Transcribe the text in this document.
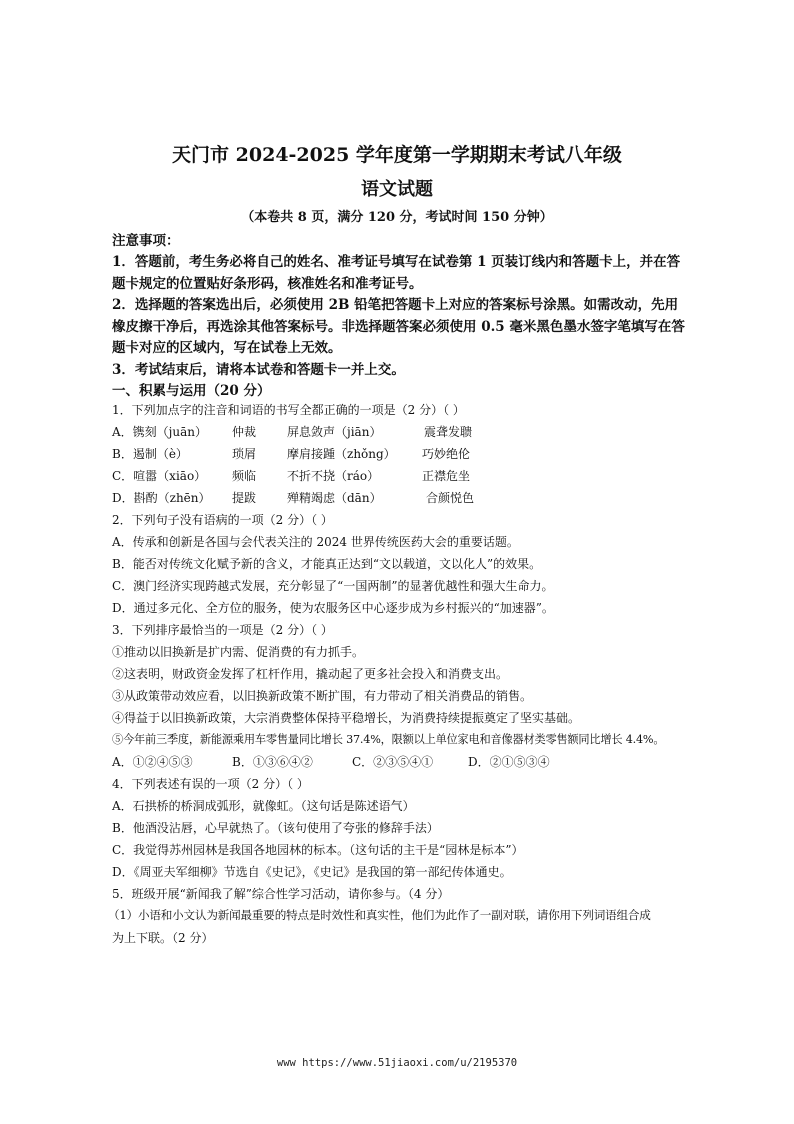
天门市 2024-2025 学年度第一学期期末考试八年级
语文试题
（本卷共 8 页，满分 120 分，考试时间 150 分钟）
注意事项：
1．答题前，考生务必将自己的姓名、准考证号填写在试卷第 1 页装订线内和答题卡上，并在答
题卡规定的位置贴好条形码，核准姓名和准考证号。
2．选择题的答案选出后，必须使用 2B 铅笔把答题卡上对应的答案标号涂黑。如需改动，先用
橡皮擦干净后，再选涂其他答案标号。非选择题答案必须使用 0.5 毫米黑色墨水签字笔填写在答
题卡对应的区域内，写在试卷上无效。
3．考试结束后，请将本试卷和答题卡一并上交。
一、积累与运用（20 分）
1．下列加点字的注音和词语的书写全都正确的一项是（2 分）（ ）
A．镌刻（juān） 仲裁	屏息敛声（jiān）	震聋发聩
B．遏制（è）	琐屑	摩肩接踵（zhǒng） 巧妙绝伦
C．喧嚣（xiāo） 频临	不折不挠（ráo）	正襟危坐
D．斟酌（zhēn） 提跋	殚精竭虑（dān）	合颜悦色
2．下列句子没有语病的一项（2 分）（ ）
A．传承和创新是各国与会代表关注的 2024 世界传统医药大会的重要话题。
B．能否对传统文化赋予新的含义，才能真正达到“文以载道，文以化人”的效果。
C．澳门经济实现跨越式发展，充分彰显了“一国两制”的显著优越性和强大生命力。
D．通过多元化、全方位的服务，使为农服务区中心逐步成为乡村振兴的“加速器”。
3．下列排序最恰当的一项是（2 分）（ ）
①推动以旧换新是扩内需、促消费的有力抓手。
②这表明，财政资金发挥了杠杆作用，撬动起了更多社会投入和消费支出。
③从政策带动效应看，以旧换新政策不断扩围，有力带动了相关消费品的销售。
④得益于以旧换新政策，大宗消费整体保持平稳增长，为消费持续提振奠定了坚实基础。
⑤今年前三季度，新能源乘用车零售量同比增长 37.4%，限额以上单位家电和音像器材类零售额同比增长 4.4%。
A．①②④⑤③	B．①③⑥④②	C．②③⑤④①	D．②①⑤③④
4．下列表述有误的一项（2 分）（ ）
A．石拱桥的桥洞成弧形，就像虹。（这句话是陈述语气）
B．他酒没沾唇，心早就热了。（该句使用了夸张的修辞手法）
C．我觉得苏州园林是我国各地园林的标本。（这句话的主干是“园林是标本”）
D．《周亚夫军细柳》节选自《史记》，《史记》是我国的第一部纪传体通史。
5．班级开展“新闻我了解”综合性学习活动，请你参与。（4 分）
（1）小语和小文认为新闻最重要的特点是时效性和真实性，他们为此作了一副对联，请你用下列词语组合成
为上下联。（2 分）
www https://www.51jiaoxi.com/u/2195370
